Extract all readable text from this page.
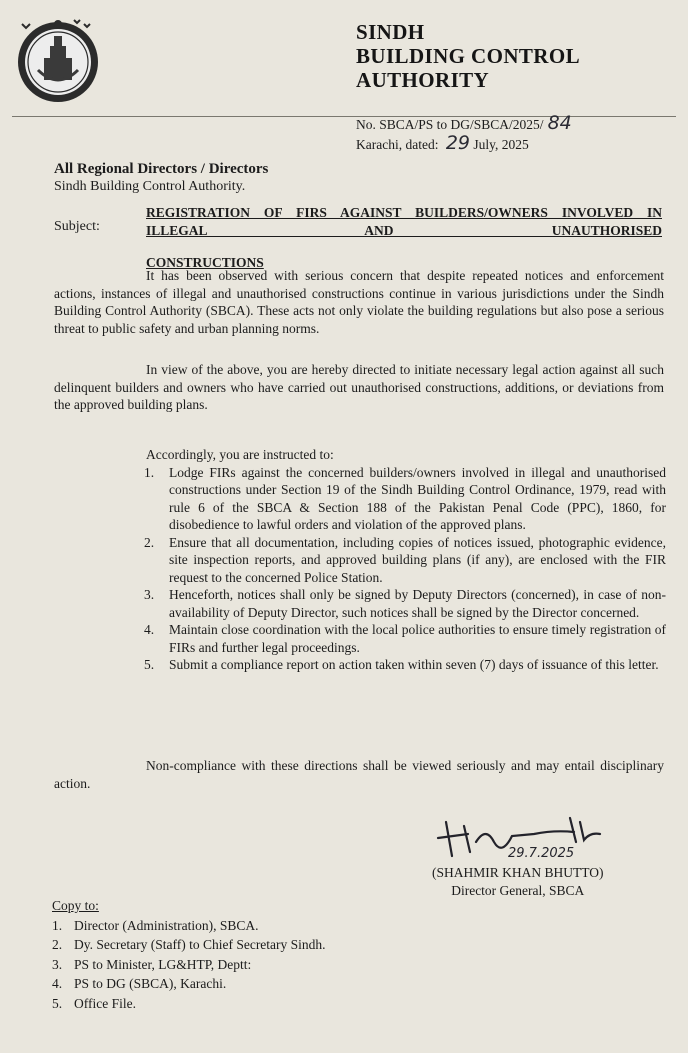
SINDH
BUILDING CONTROL
AUTHORITY
No. SBCA/PS to DG/SBCA/2025/ 84
Karachi, dated: 29 July, 2025
All Regional Directors / Directors
Sindh Building Control Authority.
Subject:
REGISTRATION OF FIRS AGAINST BUILDERS/OWNERS INVOLVED IN ILLEGAL AND UNAUTHORISED
CONSTRUCTIONS

It has been observed with serious concern that despite repeated notices and enforcement actions, instances of illegal and unauthorised constructions continue in various jurisdictions under the Sindh Building Control Authority (SBCA). These acts not only violate the building regulations but also pose a serious threat to public safety and urban planning norms.

In view of the above, you are hereby directed to initiate necessary legal action against all such delinquent builders and owners who have carried out unauthorised constructions, additions, or deviations from the approved building plans.

Accordingly, you are instructed to:
1. Lodge FIRs against the concerned builders/owners involved in illegal and unauthorised constructions under Section 19 of the Sindh Building Control Ordinance, 1979, read with rule 6 of the SBCA & Section 188 of the Pakistan Penal Code (PPC), 1860, for disobedience to lawful orders and violation of the approved plans.
2. Ensure that all documentation, including copies of notices issued, photographic evidence, site inspection reports, and approved building plans (if any), are enclosed with the FIR request to the concerned Police Station.
3. Henceforth, notices shall only be signed by Deputy Directors (concerned), in case of non-availability of Deputy Director, such notices shall be signed by the Director concerned.
4. Maintain close coordination with the local police authorities to ensure timely registration of FIRs and further legal proceedings.
5. Submit a compliance report on action taken within seven (7) days of issuance of this letter.

Non-compliance with these directions shall be viewed seriously and may entail disciplinary action.

29.7.2025
(SHAHMIR KHAN BHUTTO)
Director General, SBCA
Copy to:
1. Director (Administration), SBCA.
2. Dy. Secretary (Staff) to Chief Secretary Sindh.
3. PS to Minister, LG&HTP, Deptt:
4. PS to DG (SBCA), Karachi.
5. Office File.
